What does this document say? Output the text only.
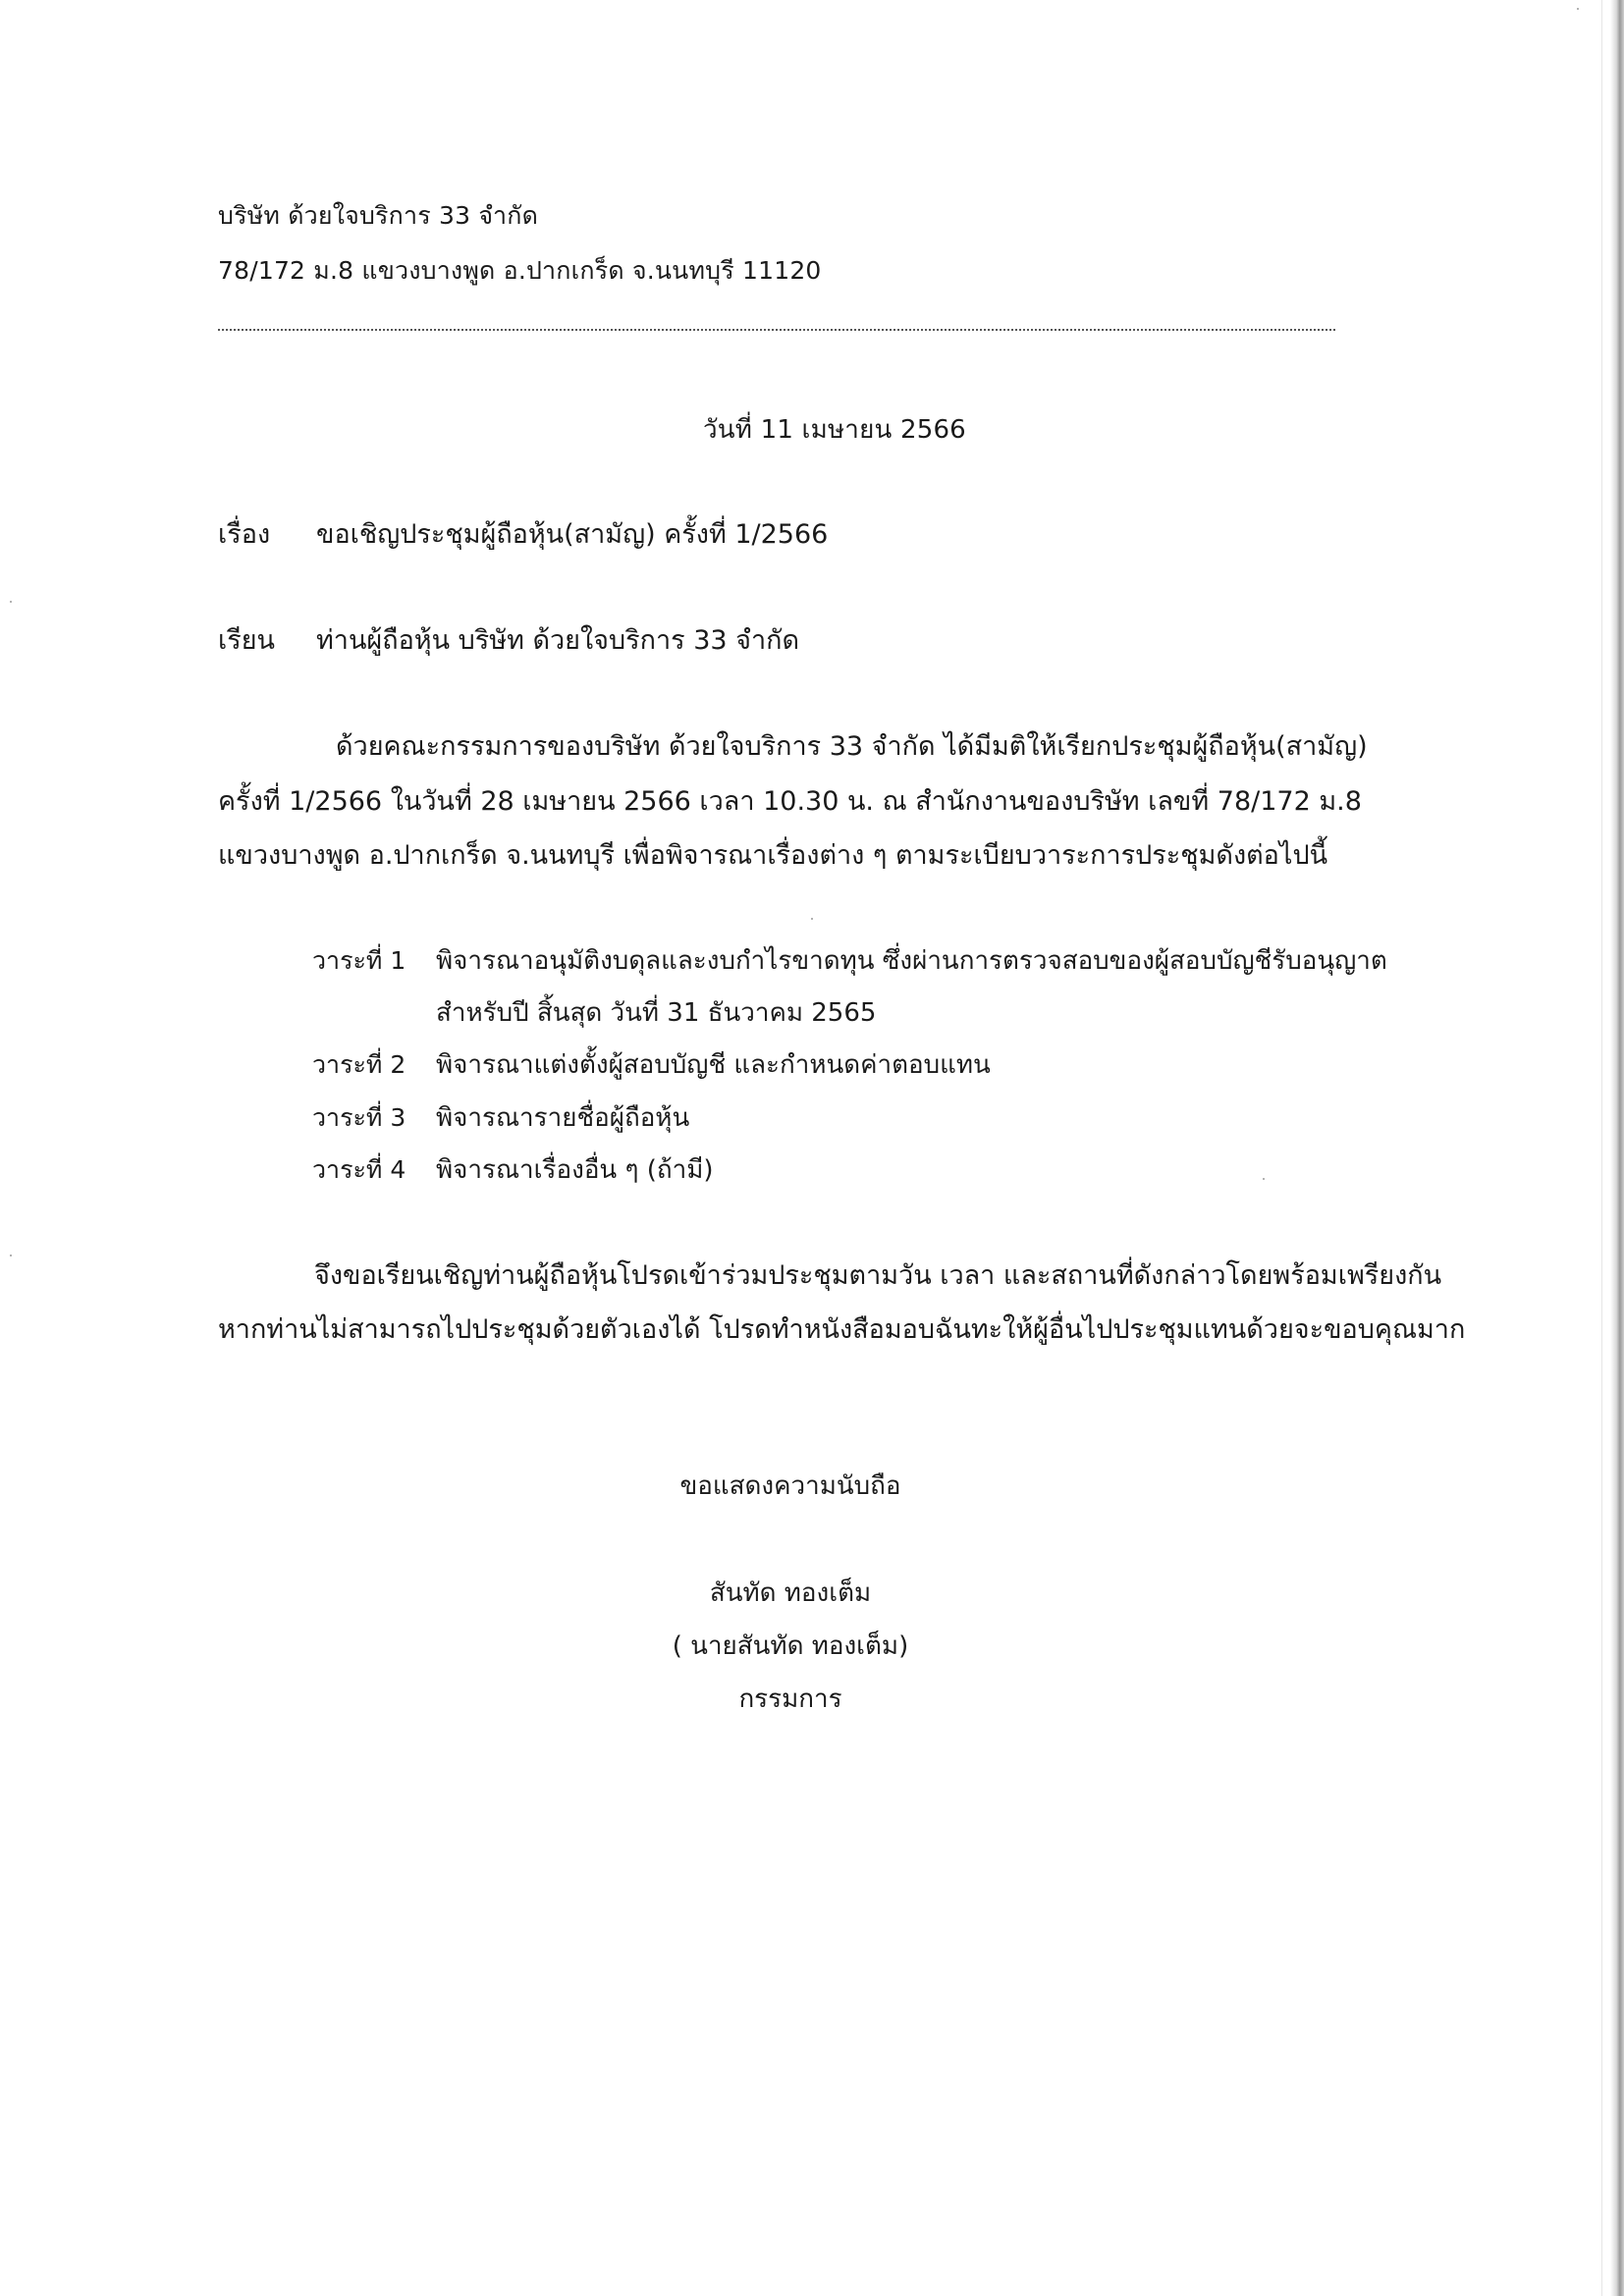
บริษัท ด้วยใจบริการ 33 จำกัด
78/172 ม.8 แขวงบางพูด อ.ปากเกร็ด จ.นนทบุรี 11120
วันที่ 11 เมษายน 2566
เรื่อง ขอเชิญประชุมผู้ถือหุ้น(สามัญ) ครั้งที่ 1/2566
เรียน ท่านผู้ถือหุ้น บริษัท ด้วยใจบริการ 33 จำกัด
ด้วยคณะกรรมการของบริษัท ด้วยใจบริการ 33 จำกัด ได้มีมติให้เรียกประชุมผู้ถือหุ้น(สามัญ)
ครั้งที่ 1/2566 ในวันที่ 28 เมษายน 2566 เวลา 10.30 น. ณ สำนักงานของบริษัท เลขที่ 78/172 ม.8
แขวงบางพูด อ.ปากเกร็ด จ.นนทบุรี เพื่อพิจารณาเรื่องต่าง ๆ ตามระเบียบวาระการประชุมดังต่อไปนี้
วาระที่ 1 พิจารณาอนุมัติงบดุลและงบกำไรขาดทุน ซึ่งผ่านการตรวจสอบของผู้สอบบัญชีรับอนุญาต
สำหรับปี สิ้นสุด วันที่ 31 ธันวาคม 2565
วาระที่ 2 พิจารณาแต่งตั้งผู้สอบบัญชี และกำหนดค่าตอบแทน
วาระที่ 3 พิจารณารายชื่อผู้ถือหุ้น
วาระที่ 4 พิจารณาเรื่องอื่น ๆ (ถ้ามี)
จึงขอเรียนเชิญท่านผู้ถือหุ้นโปรดเข้าร่วมประชุมตามวัน เวลา และสถานที่ดังกล่าวโดยพร้อมเพรียงกัน
หากท่านไม่สามารถไปประชุมด้วยตัวเองได้ โปรดทำหนังสือมอบฉันทะให้ผู้อื่นไปประชุมแทนด้วยจะขอบคุณมาก
ขอแสดงความนับถือ
สันทัด ทองเต็ม
( นายสันทัด ทองเต็ม)
กรรมการ
